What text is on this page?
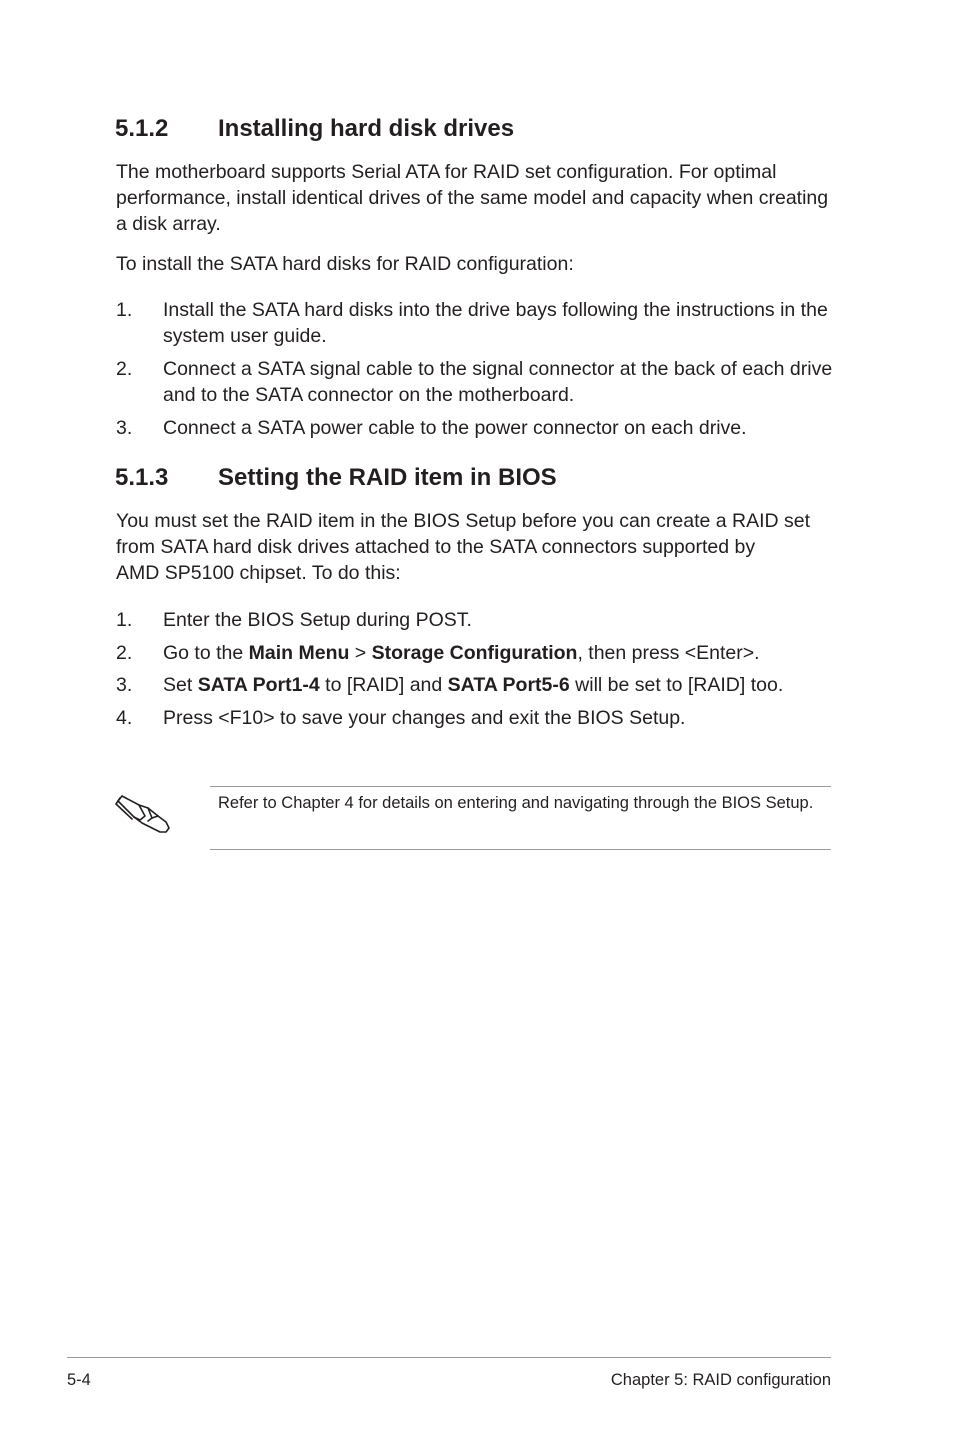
5.1.2 Installing hard disk drives

The motherboard supports Serial ATA for RAID set configuration. For optimal performance, install identical drives of the same model and capacity when creating a disk array.

To install the SATA hard disks for RAID configuration:

1. Install the SATA hard disks into the drive bays following the instructions in the system user guide.
2. Connect a SATA signal cable to the signal connector at the back of each drive and to the SATA connector on the motherboard.
3. Connect a SATA power cable to the power connector on each drive.
5.1.3 Setting the RAID item in BIOS

You must set the RAID item in the BIOS Setup before you can create a RAID set
from SATA hard disk drives attached to the SATA connectors supported by
AMD SP5100 chipset. To do this:

1. Enter the BIOS Setup during POST.
2. Go to the Main Menu > Storage Configuration, then press <Enter>.
3. Set SATA Port1-4 to [RAID] and SATA Port5-6 will be set to [RAID] too.
4. Press <F10> to save your changes and exit the BIOS Setup.

Refer to Chapter 4 for details on entering and navigating through the BIOS Setup.

5-4	Chapter 5: RAID configuration
